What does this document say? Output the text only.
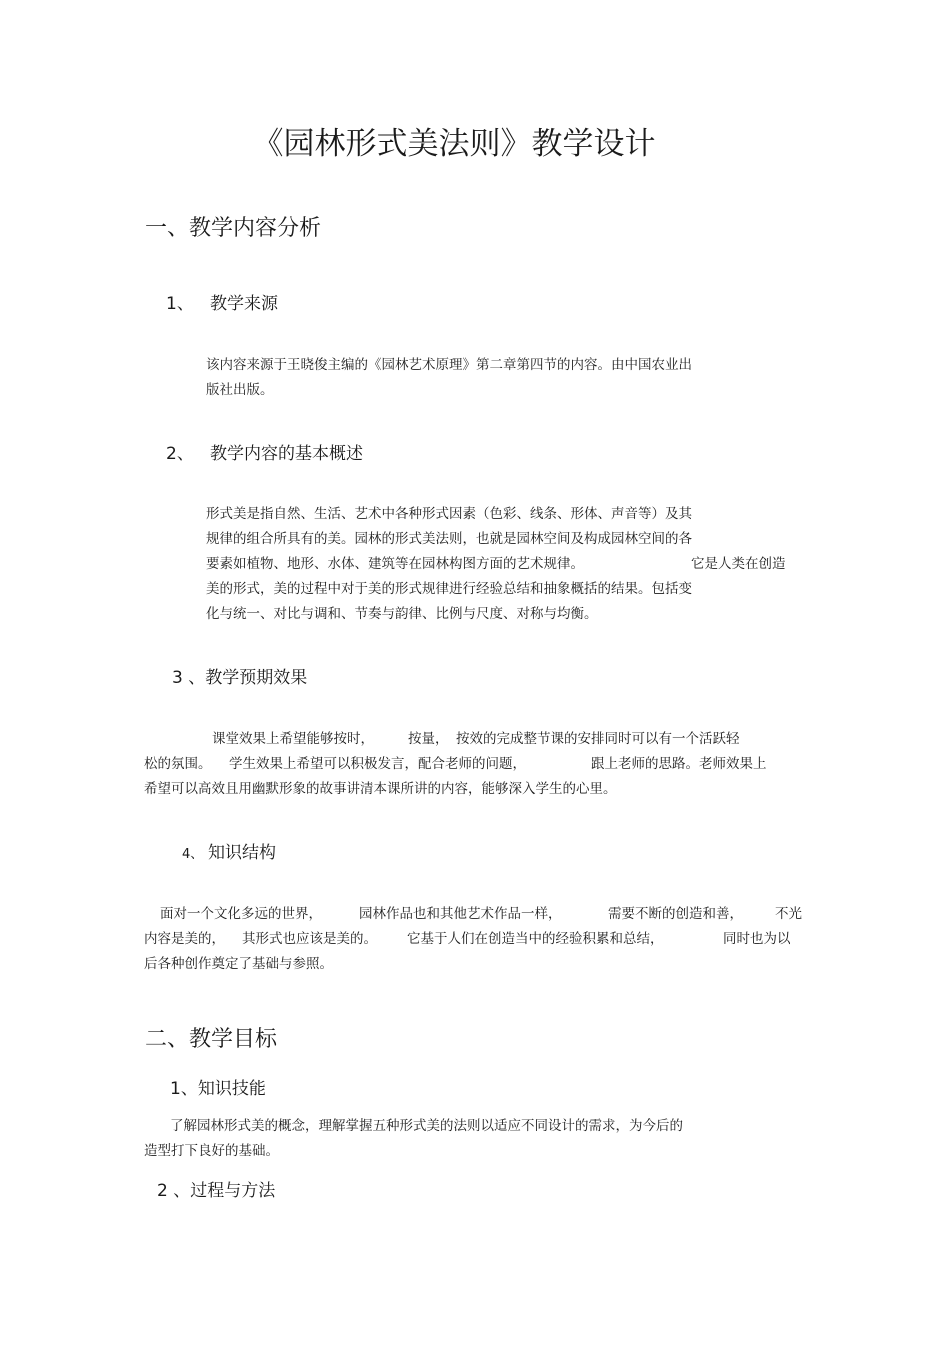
《园林形式美法则》教学设计
一、教学内容分析
1、 教学来源

该内容来源于王晓俊主编的《园林艺术原理》第二章第四节的内容。由中国农业出

版社出版。

2、 教学内容的基本概述

形式美是指自然、生活、艺术中各种形式因素（色彩、线条、形体、声音等）及其

规律的组合所具有的美。园林的形式美法则，也就是园林空间及构成园林空间的各

要素如植物、地形、水体、建筑等在园林构图方面的艺术规律。	它是人类在创造

美的形式，美的过程中对于美的形式规律进行经验总结和抽象概括的结果。包括变

化与统一、对比与调和、节奏与韵律、比例与尺度、对称与均衡。

3 、教学预期效果

课堂效果上希望能够按时，	按量， 按效的完成整节课的安排同时可以有一个活跃轻

松的氛围。 学生效果上希望可以积极发言，配合老师的问题，	跟上老师的思路。老师效果上

希望可以高效且用幽默形象的故事讲清本课所讲的内容，能够深入学生的心里。

4、 知识结构

面对一个文化多远的世界，	园林作品也和其他艺术作品一样，	需要不断的创造和善， 不光

内容是美的， 其形式也应该是美的。 它基于人们在创造当中的经验积累和总结，	同时也为以

后各种创作奠定了基础与参照。

二、教学目标
1、知识技能

了解园林形式美的概念，理解掌握五种形式美的法则以适应不同设计的需求，为今后的

造型打下良好的基础。

2 、过程与方法
